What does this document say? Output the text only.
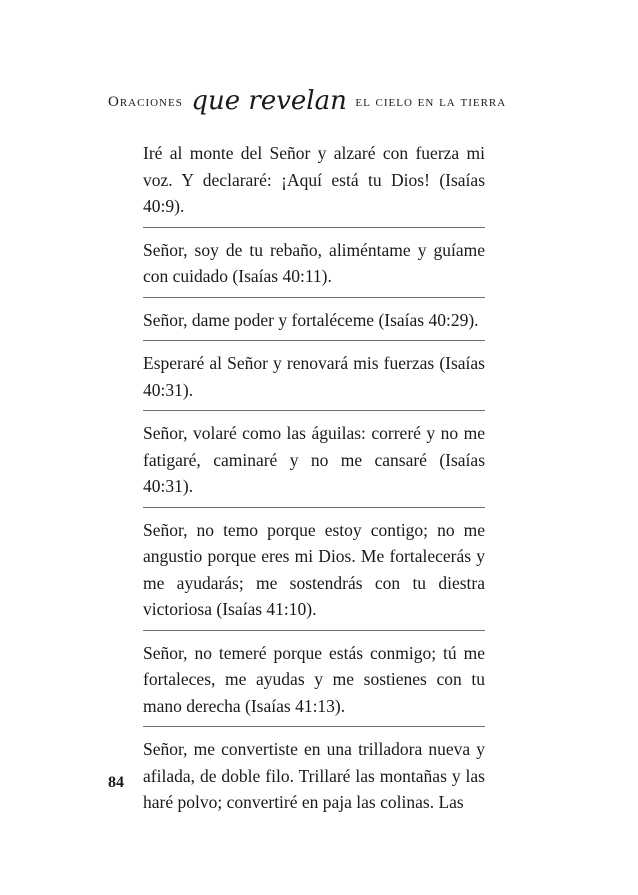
Oraciones que revelan el cielo en la tierra

Iré al monte del Señor y alzaré con fuerza mi voz. Y declararé: ¡Aquí está tu Dios! (Isaías 40:9).

Señor, soy de tu rebaño, aliméntame y guíame con cuidado (Isaías 40:11).

Señor, dame poder y fortaléceme (Isaías 40:29).

Esperaré al Señor y renovará mis fuerzas (Isaías 40:31).

Señor, volaré como las águilas: correré y no me fatigaré, caminaré y no me cansaré (Isaías 40:31).

Señor, no temo porque estoy contigo; no me angustio porque eres mi Dios. Me fortalecerás y me ayudarás; me sostendrás con tu diestra victoriosa (Isaías 41:10).

Señor, no temeré porque estás conmigo; tú me fortaleces, me ayudas y me sostienes con tu mano derecha (Isaías 41:13).

Señor, me convertiste en una trilladora nueva y afilada, de doble filo. Trillaré las montañas y las haré polvo; convertiré en paja las colinas. Las

84
